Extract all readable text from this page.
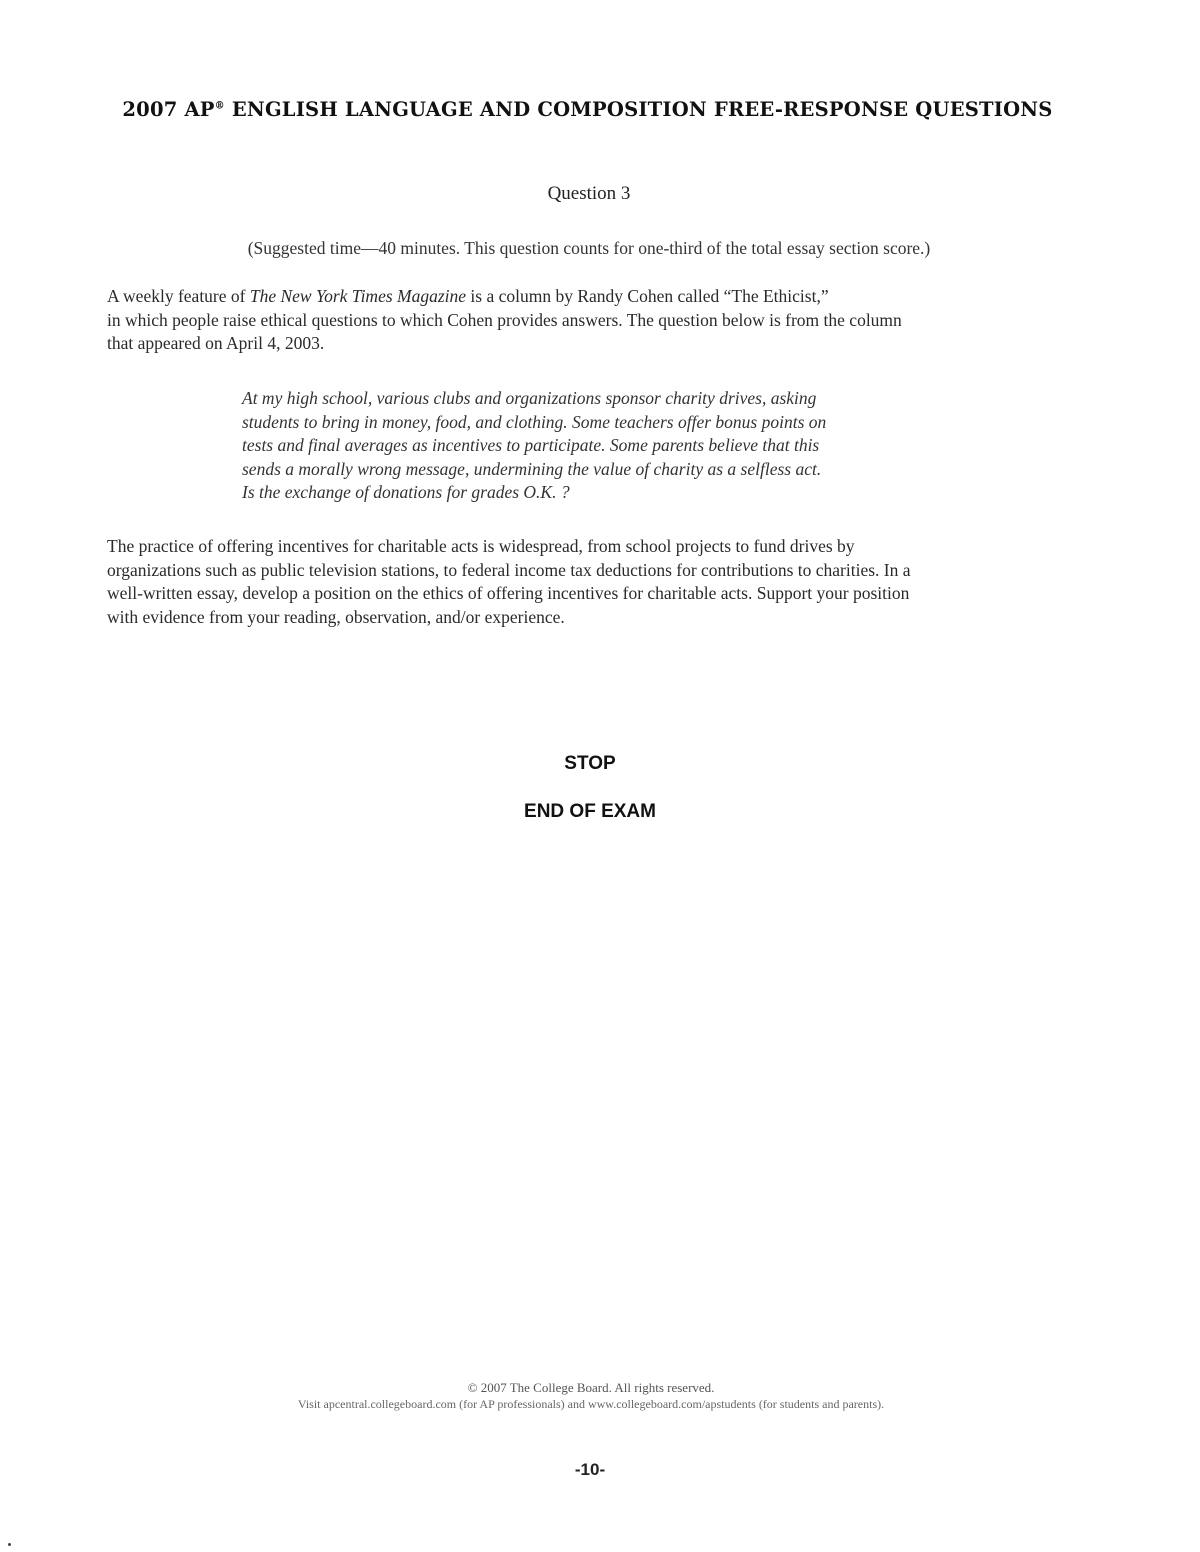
2007 AP® ENGLISH LANGUAGE AND COMPOSITION FREE-RESPONSE QUESTIONS
Question 3
(Suggested time—40 minutes. This question counts for one-third of the total essay section score.)
A weekly feature of The New York Times Magazine is a column by Randy Cohen called “The Ethicist,”
in which people raise ethical questions to which Cohen provides answers. The question below is from the column
that appeared on April 4, 2003.
At my high school, various clubs and organizations sponsor charity drives, asking
students to bring in money, food, and clothing. Some teachers offer bonus points on
tests and final averages as incentives to participate. Some parents believe that this
sends a morally wrong message, undermining the value of charity as a selfless act.
Is the exchange of donations for grades O.K. ?
The practice of offering incentives for charitable acts is widespread, from school projects to fund drives by
organizations such as public television stations, to federal income tax deductions for contributions to charities. In a
well-written essay, develop a position on the ethics of offering incentives for charitable acts. Support your position
with evidence from your reading, observation, and/or experience.
STOP
END OF EXAM
© 2007 The College Board. All rights reserved.
Visit apcentral.collegeboard.com (for AP professionals) and www.collegeboard.com/apstudents (for students and parents).
-10-
